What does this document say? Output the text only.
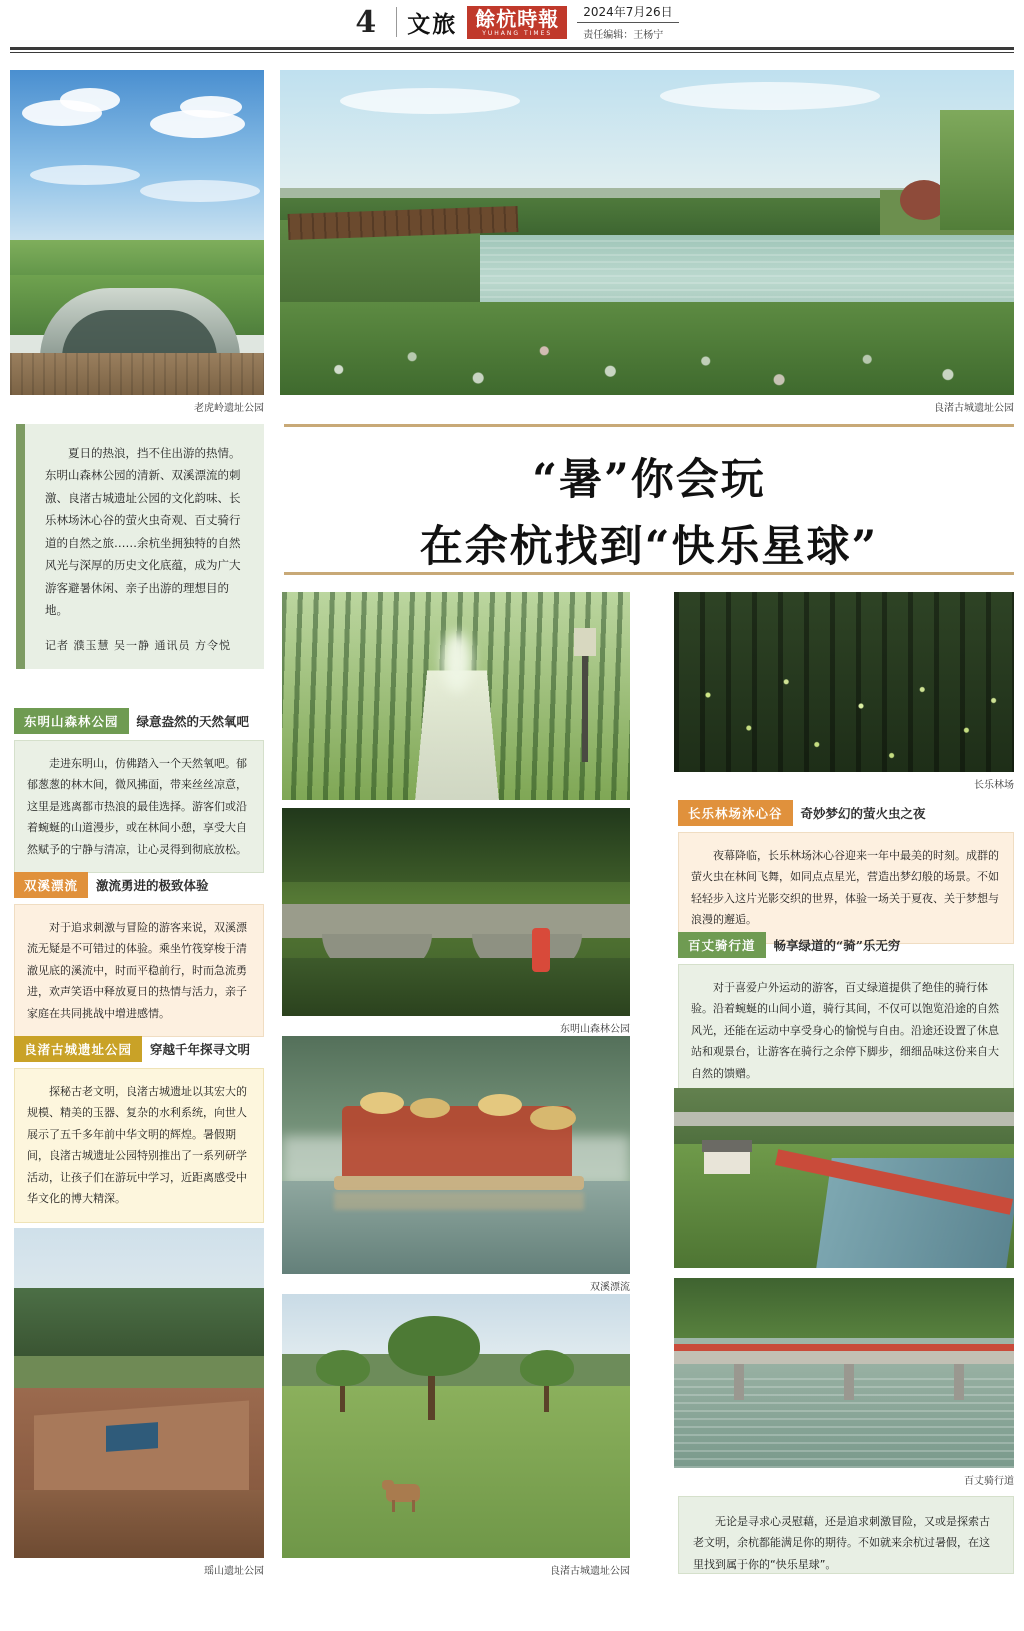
4	文旅 餘杭時報
YUHANG TIMES
2024年7月26日
责任编辑：王杨宁
老虎岭遗址公园	良渚古城遗址公园
“暑”你会玩
在余杭找到“快乐星球”

夏日的热浪，挡不住出游的热情。东明山森林公园的清新、双溪漂流的刺激、良渚古城遗址公园的文化韵味、长乐林场沐心谷的萤火虫奇观、百丈骑行道的自然之旅……余杭坐拥独特的自然风光与深厚的历史文化底蕴，成为广大游客避暑休闲、亲子出游的理想目的地。

记者 濮玉慧 吴一静 通讯员 方令悦

东明山森林公园	绿意盎然的天然氧吧
走进东明山，仿佛踏入一个天然氧吧。郁郁葱葱的林木间，微风拂面，带来丝丝凉意，这里是逃离都市热浪的最佳选择。游客们或沿着蜿蜒的山道漫步，或在林间小憩，享受大自然赋予的宁静与清凉，让心灵得到彻底放松。
双溪漂流	激流勇进的极致体验
对于追求刺激与冒险的游客来说，双溪漂流无疑是不可错过的体验。乘坐竹筏穿梭于清澈见底的溪流中，时而平稳前行，时而急流勇进，欢声笑语中释放夏日的热情与活力，亲子家庭在共同挑战中增进感情。
良渚古城遗址公园	穿越千年探寻文明
探秘古老文明，良渚古城遗址以其宏大的规模、精美的玉器、复杂的水利系统，向世人展示了五千多年前中华文明的辉煌。暑假期间，良渚古城遗址公园特别推出了一系列研学活动，让孩子们在游玩中学习，近距离感受中华文化的博大精深。
瑶山遗址公园
东明山森林公园
双溪漂流
良渚古城遗址公园
长乐林场
长乐林场沐心谷	奇妙梦幻的萤火虫之夜
夜幕降临，长乐林场沐心谷迎来一年中最美的时刻。成群的萤火虫在林间飞舞，如同点点星光，营造出梦幻般的场景。不如轻轻步入这片光影交织的世界，体验一场关于夏夜、关于梦想与浪漫的邂逅。
百丈骑行道	畅享绿道的“骑”乐无穷
对于喜爱户外运动的游客，百丈绿道提供了绝佳的骑行体验。沿着蜿蜒的山间小道，骑行其间，不仅可以饱览沿途的自然风光，还能在运动中享受身心的愉悦与自由。沿途还设置了休息站和观景台，让游客在骑行之余停下脚步，细细品味这份来自大自然的馈赠。
百丈骑行道
无论是寻求心灵慰藉，还是追求刺激冒险，又或是探索古老文明，余杭都能满足你的期待。不如就来余杭过暑假，在这里找到属于你的“快乐星球”。
